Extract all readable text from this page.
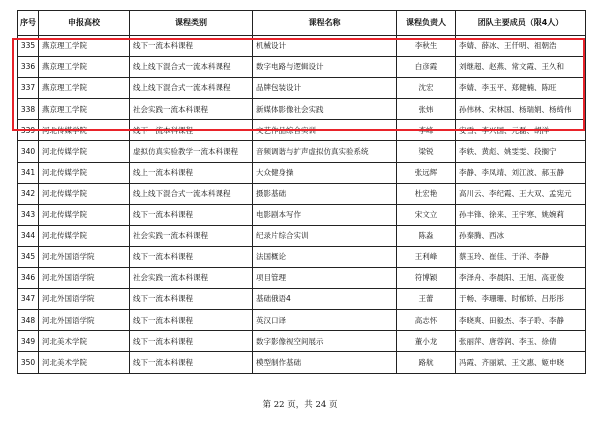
序号	申报高校	课程类别	课程名称	课程负责人	团队主要成员（限4人）
335	燕京理工学院	线下一流本科课程	机械设计	李秋生	李婧、薛冰、王仟明、祖朝浩
336	燕京理工学院	线上线下混合式一流本科课程	数字电路与逻辑设计	白彦霞	刘继超、赵燕、常文霞、王久和
337	燕京理工学院	线上线下混合式一流本科课程	品牌包装设计	沈宏	李婧、李玉平、郑健楠、陈旺
338	燕京理工学院	社会实践一流本科课程	新媒体影像社会实践	张炜	孙伟林、宋林国、杨瑞娟、杨绮伟
339	河北传媒学院	线下一流本科课程	文艺作品综合实训	李峰	安雪、李兴国、元磊、胡洋
340	河北传媒学院	虚拟仿真实验教学一流本科课程	音频调谐与扩声虚拟仿真实验系统	梁锐	李轶、黄彪、姚雯雯、段搁宁
341	河北传媒学院	线上一流本科课程	大众健身操	张远辉	李静、李凤靖、刘江波、郝玉静
342	河北传媒学院	线上线下混合式一流本科课程	摄影基础	杜宏艳	高川云、李纪霞、王大双、孟宪元
343	河北传媒学院	线下一流本科课程	电影剧本写作	宋文立	孙丰锋、徐来、王宇寒、姚婉莉
344	河北传媒学院	社会实践一流本科课程	纪录片综合实训	陈淼	孙秦腾、西冰
345	河北外国语学院	线下一流本科课程	法国概论	王利峰	蔡玉玲、崔佳、于洋、李静
346	河北外国语学院	社会实践一流本科课程	项目管理	符博颖	李泽舟、李晨阳、王旭、高亚俊
347	河北外国语学院	线下一流本科课程	基础俄语4	王蕾	于畅、李珊珊、时郁娇、吕彤彤
348	河北外国语学院	线下一流本科课程	英汉口译	高志怀	李晓爽、田毅杰、李子聆、李静
349	河北美术学院	线下一流本科课程	数字影像视空间展示	董小龙	张丽萍、唐蓉润、李玉、徐倩
350	河北美术学院	线下一流本科课程	模型制作基础	路航	冯霞、齐丽斌、王文惠、姬申晓
第 22 页，共 24 页
